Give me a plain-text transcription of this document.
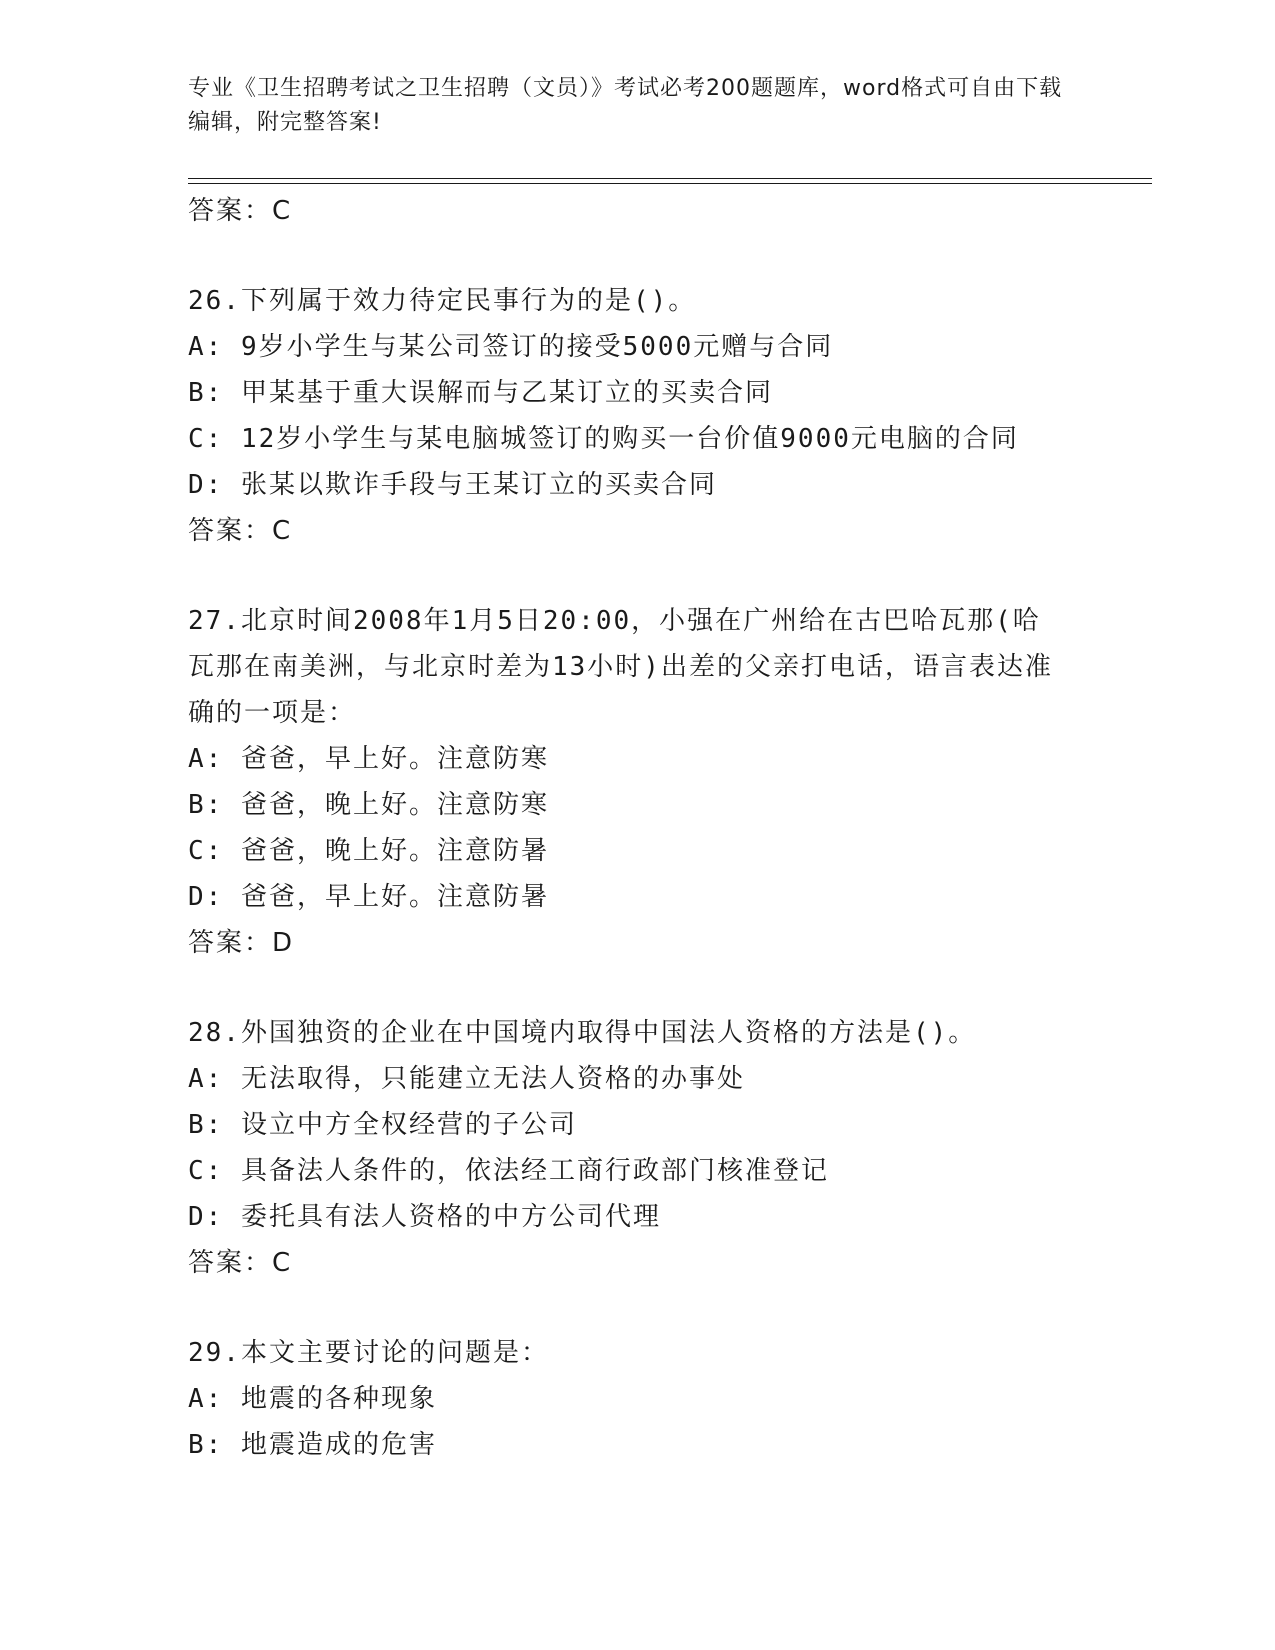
专业《卫生招聘考试之卫生招聘（文员）》考试必考200题题库，word格式可自由下载编辑，附完整答案!
答案：C
26.下列属于效力待定民事行为的是()。
A: 9岁小学生与某公司签订的接受5000元赠与合同
B: 甲某基于重大误解而与乙某订立的买卖合同
C: 12岁小学生与某电脑城签订的购买一台价值9000元电脑的合同
D: 张某以欺诈手段与王某订立的买卖合同
答案：C
27.北京时间2008年1月5日20:00，小强在广州给在古巴哈瓦那(哈瓦那在南美洲，与北京时差为13小时)出差的父亲打电话，语言表达准确的一项是：
A: 爸爸，早上好。注意防寒
B: 爸爸，晚上好。注意防寒
C: 爸爸，晚上好。注意防暑
D: 爸爸，早上好。注意防暑
答案：D
28.外国独资的企业在中国境内取得中国法人资格的方法是()。
A: 无法取得，只能建立无法人资格的办事处
B: 设立中方全权经营的子公司
C: 具备法人条件的，依法经工商行政部门核准登记
D: 委托具有法人资格的中方公司代理
答案：C
29.本文主要讨论的问题是：
A: 地震的各种现象
B: 地震造成的危害
